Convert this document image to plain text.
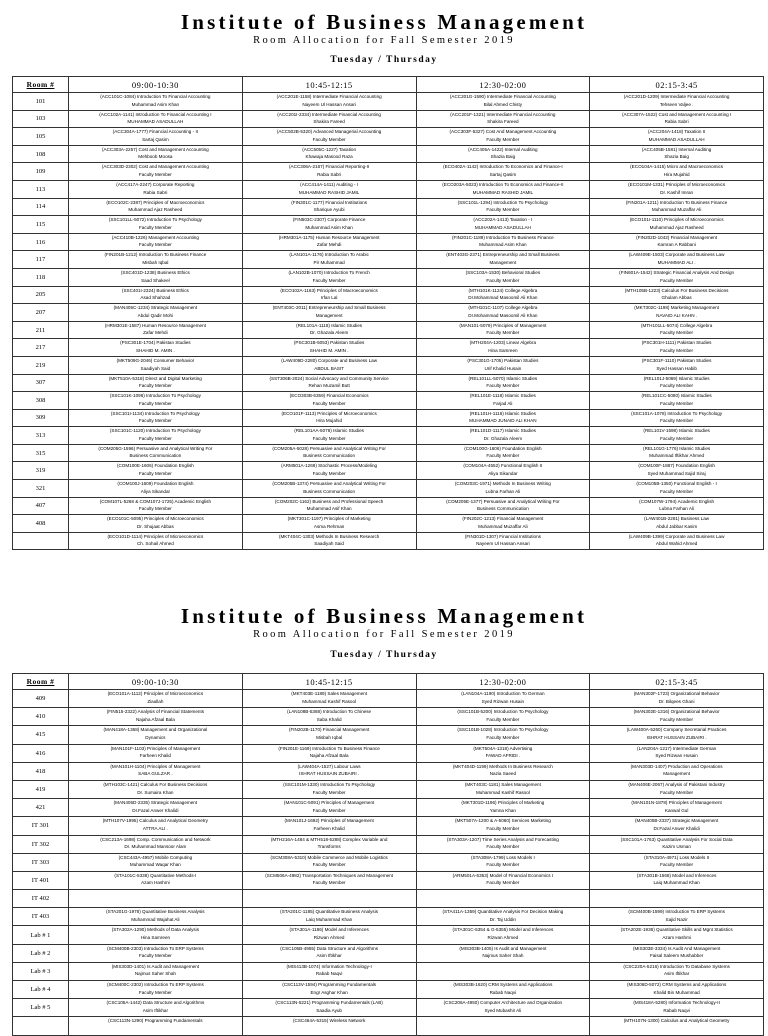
Institute of Business Management
Room Allocation for Fall Semester 2019
Tuesday / Thursday
Room #	09:00-10:30	10:45-12:15	12:30-02:00	02:15-3:45
101	(ACC101C-1084) Introduction To Financial Accounting
Muhammad Asim Khan	(ACC201E-1158) Intermediate Financial Accounting
Nayeem Ul Hassan Ansari	(ACC201G-1590) Intermediate Financial Accounting
Bilal Ahmed Chisty	(ACC201D-1209) Intermediate Financial Accounting
Tehseen Valjee .

103	(ACC102A-1141) Introduction To Financial Accounting I
MUHAMMAD ASADULLAH	(ACC201I-2334) Intermediate Financial Accounting
Shakira Fareed	(ACC201F-1321) Intermediate Financial Accounting
Shakira Fareed	(ACC307A-1522) Cost and Management Accounting I
Rabia Sabri

105	(ACC304A-1777) Financial Accounting - II
Sartaj Qasim	(ACC502B-5320) Advanced Managerial Accounting
Faculty Member	(ACC303F-5327) Cost And Management Accounting
Faculty Member	(ACC204A-1418) Taxation II
MUHAMMAD ASADULLAH

108	(ACC303A-2257) Cost and Management Accounting
Mehboob Moosa	(ACC505C-1227) Taxation
Khawaja Masood Raza	(ACC405A-1422) Internal Auditing
Shazia Baig	(ACC405B-1581) Internal Auditing
Shazia Baig

109	(ACC303D-2302) Cost and Management Accounting
Faculty Member	(ACC306A-2167) Financial Reporting-II
Rabia Sabri	(ECO402A-1142) Introduction To Economics and Finance-I
Sartaj Qasim	(ECO104A-1415) Micro and Macroeconomics
Hira Mujahid

113	(ACC417A-2247) Corporate Reporting
Rabia Sabri	(ACC414A-1411) Auditing - I
MUHAMMAD RASHID JAMIL	(ECO203A-5023) Introduction To Economics and Finance-II
MUHAMMAD RASHID JAMIL	(ECO101M-1331) Principles of Microeconomics
Dr. Kashif Imran

114	(ECO102C-2387) Principles of Macroeconomics
Muhammad Ajaz Rasheed	(FIN301C-1177) Financial Institutions
Sharique Ayubi	(SSC101L-1294) Introduction To Psychology
Faculty Member	(FIN201A-1211) Introduction To Business Finance
Muhammad Muzaffar Ali

115	(SSC101LL-5072) Introduction To Psychology
Faculty Member	(FIN503C-2307) Corporate Finance
Muhammad Asim Khan	(ACC202A-1413) Taxation - I
MUHAMMAD ASADULLAH	(ECO101I-1110) Principles of Microeconomics
Muhammad Ajaz Rasheed

116	(ACC410B-1226) Management Accounting
Faculty Member	(HRM301A-1175) Human Resource Management
Zafar Mehdi	(FIN201C-1189) Introduction To Business Finance
Muhammad Asim Khan	(FIN202D-1042) Financial Management
Kamran A Rabbani

117	(FIN201B-1212) Introduction To Business Finance
Misbah Iqbal	(LAN101A-1176) Introduction To Arabic
Pir Muhammad	(ENT403G-2371) Entrepreneurship and Small Business
Management	(LAW409E-1503) Corporate and Business Law
MUHAMMAD ALI .

118	(SSC401D-1238) Business Ethics
Saad Shakeel	(LAN102B-1070) Introduction To French
Faculty Member	(SSC103A-1530) Behavioral Studies
Faculty Member	(FIN601A-1542) Strategic Financial Analysis And Design
Faculty Member

205	(SSC401I-2324) Business Ethics
Asad Shahzad	(ECO102A-1163) Principles of Macroeconomics
Irfan Lal	(MTH101K-1124) College Algebra
Dr.Mohammad Masoomil Ali Khan	(MTH105B-1223) Calculus For Business Decisions
Ghulam Abbas

207	(MAN405C-1234) Strategic Management
Abdul Qadir Mohi	(ENT403C-2011) Entrepreneurship and Small Business
Management	(MTH101C-1107) College Algebra
Dr.Mohammad Masoomil Ali Khan	(MKT302C-1198) Marketing Management
NAVAID ALI KAHN .

211	(HRM301E-1587) Human Resource Management
Zafar Mehdi	(REL101A-1118) Islamic Studies
Dr. Ghazala Aleem	(MAN101-5079) Principles of Management
Faculty Member	(MTH101LL-5074) College Algebra
Faculty Member

217	(PSC301E-1704) Pakistan Studies
SHAHID M. AMIN .	(PSC301B-5053) Pakistan Studies
SHAHID M. AMIN .	(MTH204A-1203) Linear Algebra
Hina Samreen	(PSC301H-1111) Pakistan Studies
Faculty Member

219	(MKT509G-2046) Consumer Behavior
Saadiyah Said	(LAW409D-2280) Corporate and Business Law
ABDUL BASIT	(PSC301G-1705) Pakistan Studies
Urif Khalid Husain	(PSC301F-1110) Pakistan Studies
Syed Hassan Habib

307	(MKT510A-5318) Direct and Digital Marketing
Faculty Member	(SST306B-2024) Social Advocacy and Community Service
Rehan Muzamil Butt	(REL101LL-5070) Islamic Studies
Faculty Member	(REL101J-5069) Islamic Studies
Faculty Member

308	(SSC101K-1096) Introduction To Psychology
Faculty Member	(ECO303B-5359) Financial Economics
Faculty Member	(REL101E-1118) Islamic Studies
Farjad Ali	(REL101CC-5080) Islamic Studies
Faculty Member

309	(SSC101I-1134) Introduction To Psychology
Faculty Member	(ECO101F-1113) Principles of Microeconomics
Hira Mujahid	(REL101H-1116) Islamic Studies
MUHAMMAD JUNAID ALI KHAN	(SSC101A-1078) Introduction To Psychology
Faculty Member

313	(SSC101C-1120) Introduction To Psychology
Faculty Member	(REL101AA-5078) Islamic Studies
Faculty Member	(REL101D-1117) Islamic Studies
Dr. Ghazala Aleem	(REL101V-1598) Islamic Studies
Faculty Member

315	(COM205G-1596) Persuasive and Analytical Writing For
Business Communication	(COM205A-5028) Persuasive and Analytical Writing For
Business Communication	(COM100G-1606) Foundation English
Faculty Member	(REL101G-1776) Islamic Studies
Muhammad Iftikhar Ahmed

319	(COM100E-1606) Foundation English
Faculty Member	(ARM501A-1269) Stochastic Process/Modeling
Faculty Member	(COM104A-4552) Functional English II
Aliya Sikandar	(COM100F-1887) Foundation English
Syed Muhammad Sajid Siraj

321	(COM100J-1609) Foundation English
Aliya Sikandar	(COM205B-1374) Persuasive and Analytical Writing For
Business Communication	(COM203C-1971) Methods In Business Writing
Lubna Farhan Ali	(COM105B-1350) Functional English - I
Faculty Member

407	(COM107L-5268 & COM107J-1725) Academic English
Faculty Member	(COM202C-1162) Business and Professional Speech
Muhammad Asif Khan	(COM205E-1377) Persuasive and Analytical Writing For
Business Communication	(COM107W-1794) Academic English
Lubna Farhan Ali

408	(ECO101C-5095) Principles of Microeconomics
Dr. Shujaat Abbas	(MKT301C-1197) Principles of Marketing
Asma Rehman	(FIN202C-1213) Financial Management
Muhammad Muzaffar Ali	(LAW401B-2281) Business Law
Abdul Jabbar Kasim

	(ECO101D-1114) Principles of Microeconomics
Ch. Sohail Ahmed	(MKT404C-1303) Methods In Business Research
Saadiyah Said	(FIN301D-1307) Financial Institutions
Nayeem Ul Hassan Ansari	(LAW409B-1399) Corporate and Business Law
Abdul Wahid Ahmed
Institute of Business Management
Room Allocation for Fall Semester 2019
Tuesday / Thursday
Room #	09:00-10:30	10:45-12:15	12:30-02:00	02:15-3:45
409	(ECO101A-1112) Principles of Microeconomics
Ziaullah	(MKT403E-1189) Sales Management
Muhammad Kashif Rasool	(LAN104A-1190) Introduction To German
Syed Rizwan Husain	(MAN302F-1723) Organizational Behavior
Dr. Bilqees Ghani

410	(FIN515-2322) Analysis of Financial Statements
Najaha Afzaal Bala	(LAN108B-5368) Introduction To Chinese
Saba Khalid	(SSC101B-5200) Introduction To Psychology
Faculty Member	(MAN302E-1316) Organizational Behavior
Faculty Member

415	(MAN418A-1368) Management and Organizational
Dynamics	(FIN202B-1170) Financial Management
Misbah Iqbal	(SSC101B-1028) Introduction To Psychology
Faculty Member	(LAW400A-5260) Company Secretarial Practices
ISHRAT HUSSAIN ZUBAIRI .

416	(MAN101F-1103) Principles of Management
Farheen Khalid	(FIN201E-1169) Introduction To Business Finance
Najaha Afzaal Bala	(MKT504A-1318) Advertising
FAWAD AFRIDI .	(LAN204A-1217) Intermediate German
Syed Rizwan Husain

418	(MAN101H-1104) Principles of Management
SABA GULZAR .	(LAW404A-1527) Labour Laws
ISHRAT HUSSAIN ZUBAIRI .	(MKT404D-1199) Methods In Business Research
Nazia Saeed	(MAN303D-1407) Production and Operations
Management

419	(MTH103C-1421) Calculus For Business Decisions
Dr. Sumaira Khan	(SSC101M-1330) Introduction To Psychology
Faculty Member	(MKT403C-1181) Sales Management
Muhammad Kashif Rasool	(MAN406E-2067) Analysis of Pakistani Industry
Faculty Member

421	(MAN405D-2335) Strategic Management
Dr.Fazal Anwer Khalidi	(MAN101C-5091) Principles of Management
Faculty Member	(MKT301D-1196) Principles of Marketing
Yamna Khan	(MAN101N-1878) Principles of Management
Kanwal Gul

IT 301	(MTH107V-1995) Calculus and Analytical Geometry
ATTRA ALI .	(MAN101J-1692) Principles of Management
Farheen Khalid	(MKT507A-1200 & A-5060) Services Marketing
Faculty Member	(MAN405B-2337) Strategic Management
Dr.Fazal Anwer Khalidi

IT 302	(CSC213A-1698) Comp. Communication and Network
Dr. Muhammad Mansoor Alam	(MTH216A-1484 & MTH518-5288) Complex Variable and
Transforms	(STA303A-1207) Time Series Analysis and Forecasting
Faculty Member	(SSC101A-1763) Quantitative Analysis For Social Data
Kazim Usman

IT 303	(CSC443A-4957) Mobile Computing
Muhammad Waqar Khan	(SCM308A-5310) Mobile Commerce and Mobile Logistics
Faculty Member	(STA308A-1799) Loss Models I
Faculty Member	(STA310A-4971) Loss Models II
Faculty Member

IT 401	(STA101C-5338) Quantitative Methods-I
Azam Hashmi	(SCM506A-4982) Transportation Techniques and Management
Faculty Member	(ARM501A-5353) Model of Financial Economics I
Faculty Member	(STA301B-1568) Model and Inferences
Laiq Muhammad Khan

IT 402	

IT 403	(STA201G-1978) Quantitative Business Analysis
Muhammad Wajahat Ali	(STA201C-1185) Quantitative Business Analysis
Laiq Muhammad Khan	(STA411A-1359) Quantitative Analysis For Decision Making
Dr. Taj Uddin	(SCM400B-1599) Introduction To ERP Systems
Sajid Nazir

Lab # 1	(STA302A-1290) Methods of Data Analysis
Hina Samreen	(STA301A-1186) Model and Inferences
Rizwan Ahmed	(STA301C-5354 & G-5355) Model and Inferences
Rizwan Ahmed	(STA202E-1938) Quantitative Skills and Mgnt Statistics
Azam Hashmi

Lab # 2	(SCM400B-2303) Introduction To ERP Systems
Faculty Member	(CSC105B-4955) Data Structure and Algorithms
Asim Iftikhar	(MIS303B-1405) Is Audit and Management
Najmus Saher Shah	(MIS303E-3334) Is Audit And Management
Faisal Saleem Mushabber

Lab # 3	(MIS303D-1401) Is Audit and Management
Najmus Saher Shah	(MIS413B-1074) Information Technology-I
Rabab Naqvi		(CSC220A-5216) Introduction To Database Systems
Asim Iftikhar

Lab # 4	(SCM400C-2302) Introduction To ERP Systems
Faculty Member	(CSC113V-1594) Programming Fundamentals
Engr Asghar Khan	(MIS303B-1620) CRM Systems and Applications
Rabab Naqvi	(MIS306D-5072) CRM Systems and Applications
Khalid Bin Muhammad

Lab # 5	(CSC105A-1442) Data Structure and Algorithms
Asim Iftikhar	(CSC113N-5221) Programming Fundamentals (LAB)
Saadia Ayub	(CSC206A-4950) Computer Architecture and Organization
Syed Mubashir Ali	(MIS418A-5280) Information Technology-II
Rabab Naqvi

	(CSC113N-1290) Programming Fundamentals	(CSC464A-5315) Wireless Network		(MTH107N-1300) Calculus and Analytical Geometry
